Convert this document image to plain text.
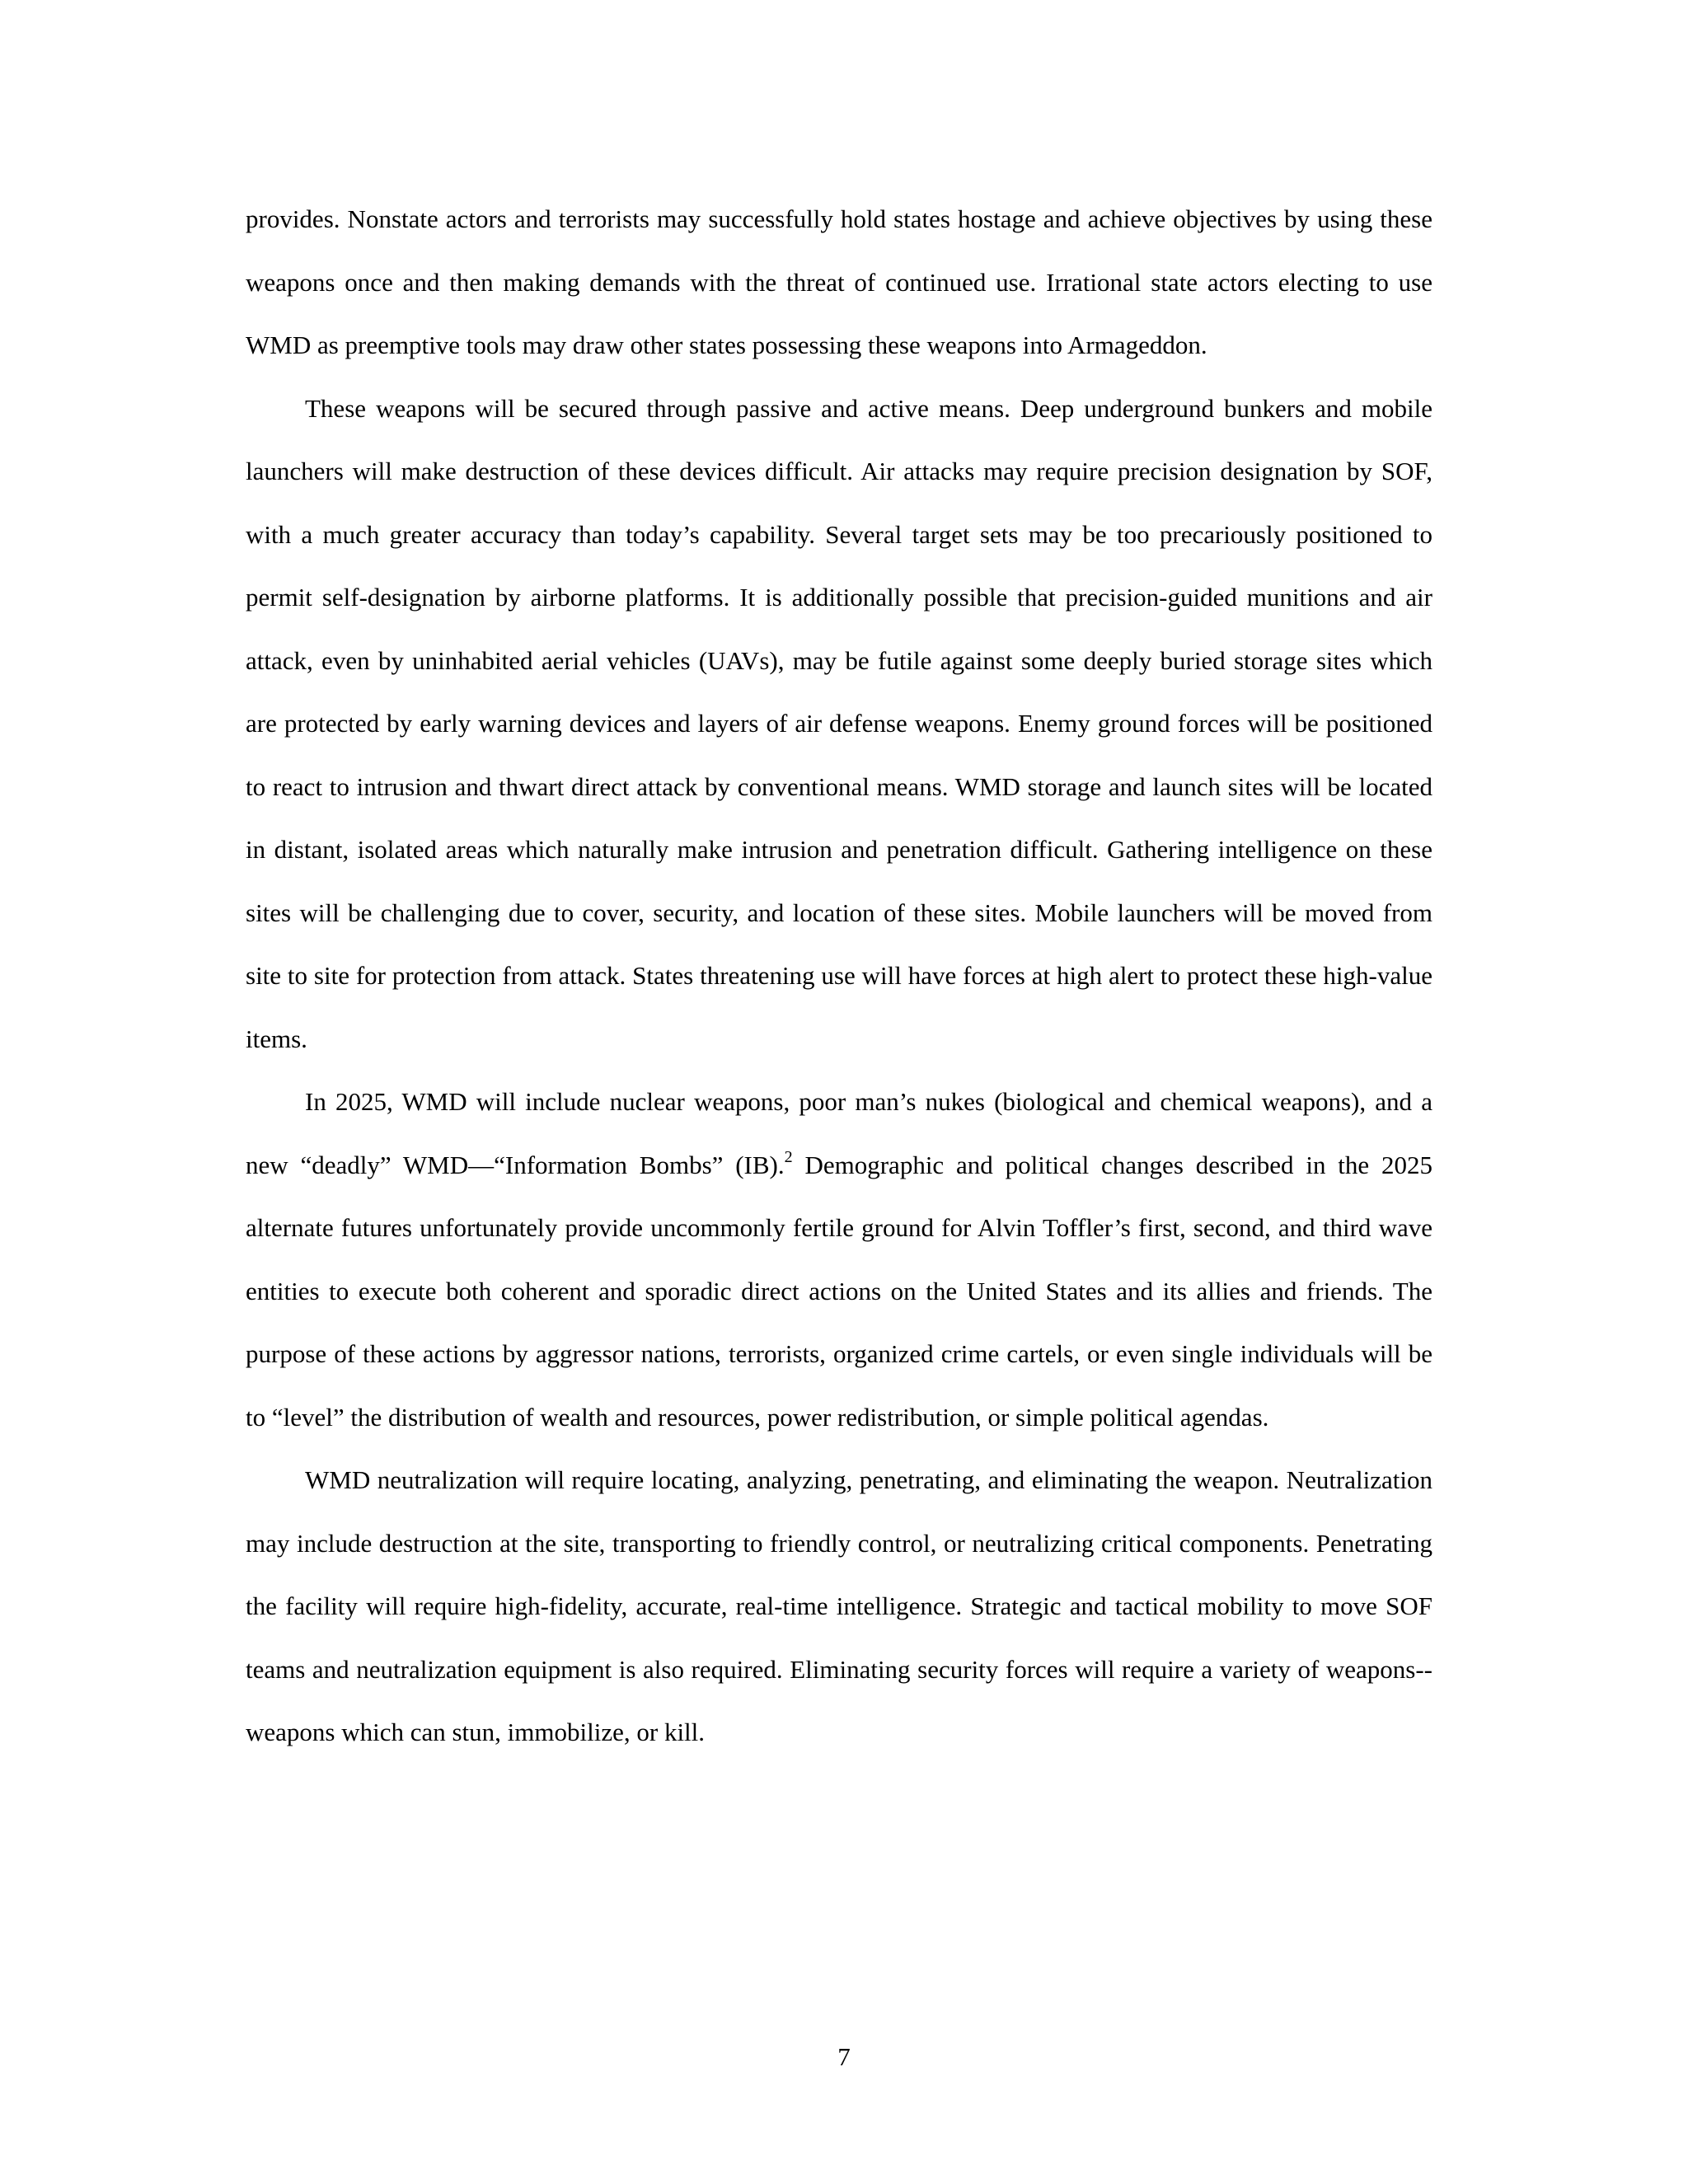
provides. Nonstate actors and terrorists may successfully hold states hostage and achieve objectives by using these weapons once and then making demands with the threat of continued use. Irrational state actors electing to use WMD as preemptive tools may draw other states possessing these weapons into Armageddon.

These weapons will be secured through passive and active means. Deep underground bunkers and mobile launchers will make destruction of these devices difficult. Air attacks may require precision designation by SOF, with a much greater accuracy than today’s capability. Several target sets may be too precariously positioned to permit self-designation by airborne platforms. It is additionally possible that precision-guided munitions and air attack, even by uninhabited aerial vehicles (UAVs), may be futile against some deeply buried storage sites which are protected by early warning devices and layers of air defense weapons. Enemy ground forces will be positioned to react to intrusion and thwart direct attack by conventional means. WMD storage and launch sites will be located in distant, isolated areas which naturally make intrusion and penetration difficult. Gathering intelligence on these sites will be challenging due to cover, security, and location of these sites. Mobile launchers will be moved from site to site for protection from attack. States threatening use will have forces at high alert to protect these high-value items.

In 2025, WMD will include nuclear weapons, poor man’s nukes (biological and chemical weapons), and a new “deadly” WMD—“Information Bombs” (IB).$^2$ Demographic and political changes described in the 2025 alternate futures unfortunately provide uncommonly fertile ground for Alvin Toffler’s first, second, and third wave entities to execute both coherent and sporadic direct actions on the United States and its allies and friends. The purpose of these actions by aggressor nations, terrorists, organized crime cartels, or even single individuals will be to “level” the distribution of wealth and resources, power redistribution, or simple political agendas.

WMD neutralization will require locating, analyzing, penetrating, and eliminating the weapon. Neutralization may include destruction at the site, transporting to friendly control, or neutralizing critical components. Penetrating the facility will require high-fidelity, accurate, real-time intelligence. Strategic and tactical mobility to move SOF teams and neutralization equipment is also required. Eliminating security forces will require a variety of weapons-- weapons which can stun, immobilize, or kill.

7
